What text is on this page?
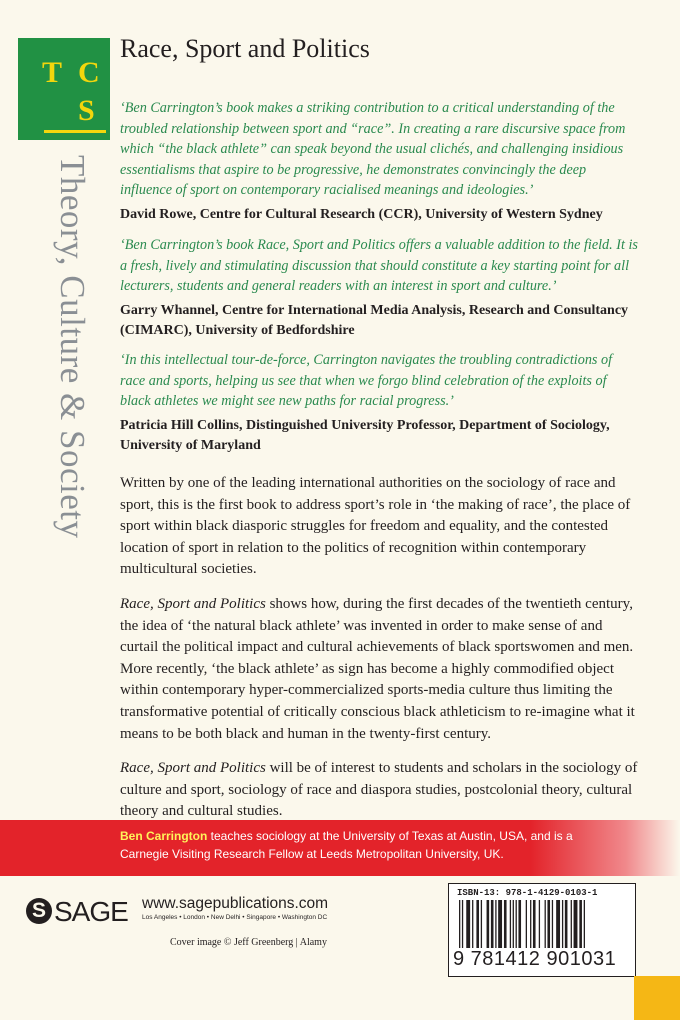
T C
S
Theory, Culture & Society
Race, Sport and Politics

‘Ben Carrington’s book makes a striking contribution to a critical understanding of the troubled relationship between sport and “race”. In creating a rare discursive space from which “the black athlete” can speak beyond the usual clichés, and challenging insidious essentialisms that aspire to be progressive, he demonstrates convincingly the deep influence of sport on contemporary racialised meanings and ideologies.’

David Rowe, Centre for Cultural Research (CCR), University of Western Sydney

‘Ben Carrington’s book Race, Sport and Politics offers a valuable addition to the field. It is a fresh, lively and stimulating discussion that should constitute a key starting point for all lecturers, students and general readers with an interest in sport and culture.’

Garry Whannel, Centre for International Media Analysis, Research and Consultancy (CIMARC), University of Bedfordshire

‘In this intellectual tour-de-force, Carrington navigates the troubling contradictions of race and sports, helping us see that when we forgo blind celebration of the exploits of black athletes we might see new paths for racial progress.’

Patricia Hill Collins, Distinguished University Professor, Department of Sociology, University of Maryland

Written by one of the leading international authorities on the sociology of race and sport, this is the first book to address sport’s role in ‘the making of race’, the place of sport within black diasporic struggles for freedom and equality, and the contested location of sport in relation to the politics of recognition within contemporary multicultural societies.

Race, Sport and Politics shows how, during the first decades of the twentieth century, the idea of ‘the natural black athlete’ was invented in order to make sense of and curtail the political impact and cultural achievements of black sportswomen and men. More recently, ‘the black athlete’ as sign has become a highly commodified object within contemporary hyper-commercialized sports-media culture thus limiting the transformative potential of critically conscious black athleticism to re-imagine what it means to be both black and human in the twenty-first century.

Race, Sport and Politics will be of interest to students and scholars in the sociology of culture and sport, sociology of race and diaspora studies, postcolonial theory, cultural theory and cultural studies.

Ben Carrington teaches sociology at the University of Texas at Austin, USA, and is a Carnegie Visiting Research Fellow at Leeds Metropolitan University, UK.
S
SAGE www.sagepublications.com
Los Angeles • London • New Delhi • Singapore • Washington DC
Cover image © Jeff Greenberg | Alamy
ISBN-13: 978-1-4129-0103-1
9 781412 901031
